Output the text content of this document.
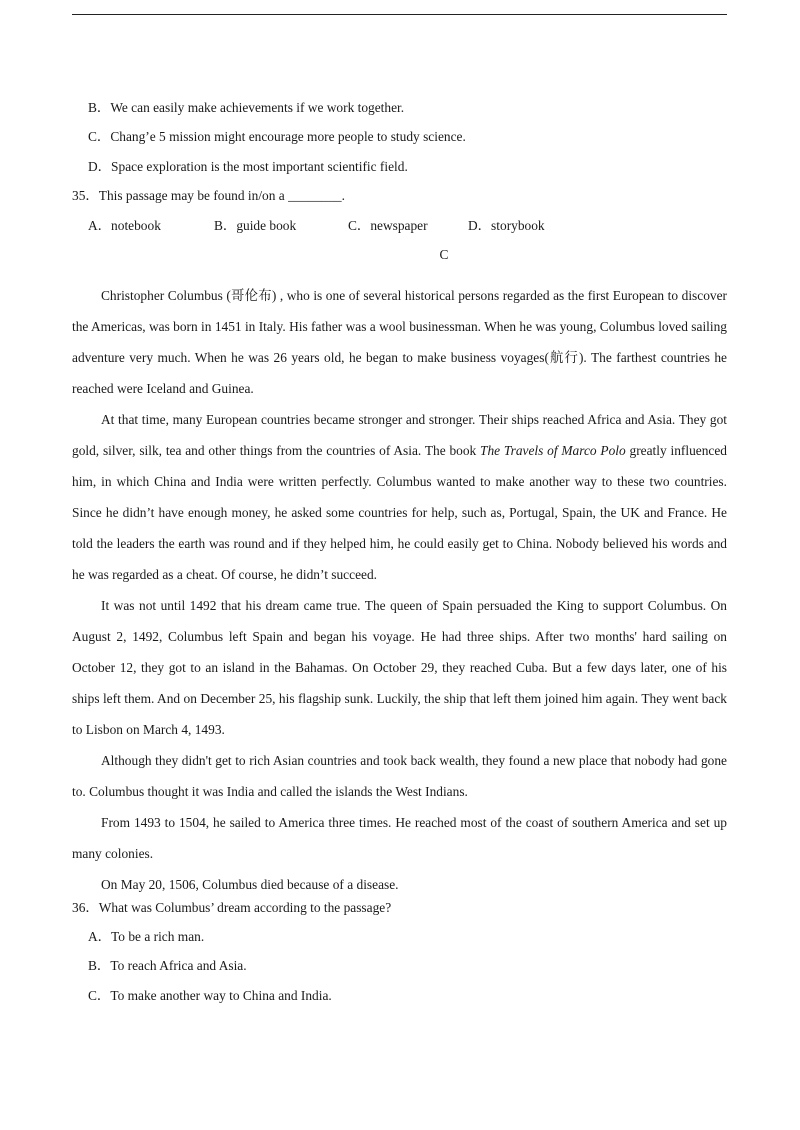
B．We can easily make achievements if we work together.
C．Chang’e 5 mission might encourage more people to study science.
D．Space exploration is the most important scientific field.
35．This passage may be found in/on a ________.
A．notebook	B．guide book	C．newspaper	D．storybook
C

Christopher Columbus (哥伦布) , who is one of several historical persons regarded as the first European to discover the Americas, was born in 1451 in Italy. His father was a wool businessman. When he was young, Columbus loved sailing adventure very much. When he was 26 years old, he began to make business voyages(航行). The farthest countries he reached were Iceland and Guinea.

At that time, many European countries became stronger and stronger. Their ships reached Africa and Asia. They got gold, silver, silk, tea and other things from the countries of Asia. The book The Travels of Marco Polo greatly influenced him, in which China and India were written perfectly. Columbus wanted to make another way to these two countries. Since he didn’t have enough money, he asked some countries for help, such as, Portugal, Spain, the UK and France. He told the leaders the earth was round and if they helped him, he could easily get to China. Nobody believed his words and he was regarded as a cheat. Of course, he didn’t succeed.

It was not until 1492 that his dream came true. The queen of Spain persuaded the King to support Columbus. On August 2, 1492, Columbus left Spain and began his voyage. He had three ships. After two months' hard sailing on October 12, they got to an island in the Bahamas. On October 29, they reached Cuba. But a few days later, one of his ships left them. And on December 25, his flagship sunk. Luckily, the ship that left them joined him again. They went back to Lisbon on March 4, 1493.

Although they didn't get to rich Asian countries and took back wealth, they found a new place that nobody had gone to. Columbus thought it was India and called the islands the West Indians.

From 1493 to 1504, he sailed to America three times. He reached most of the coast of southern America and set up many colonies.

On May 20, 1506, Columbus died because of a disease.

36．What was Columbus’ dream according to the passage?
A．To be a rich man.
B．To reach Africa and Asia.
C．To make another way to China and India.
